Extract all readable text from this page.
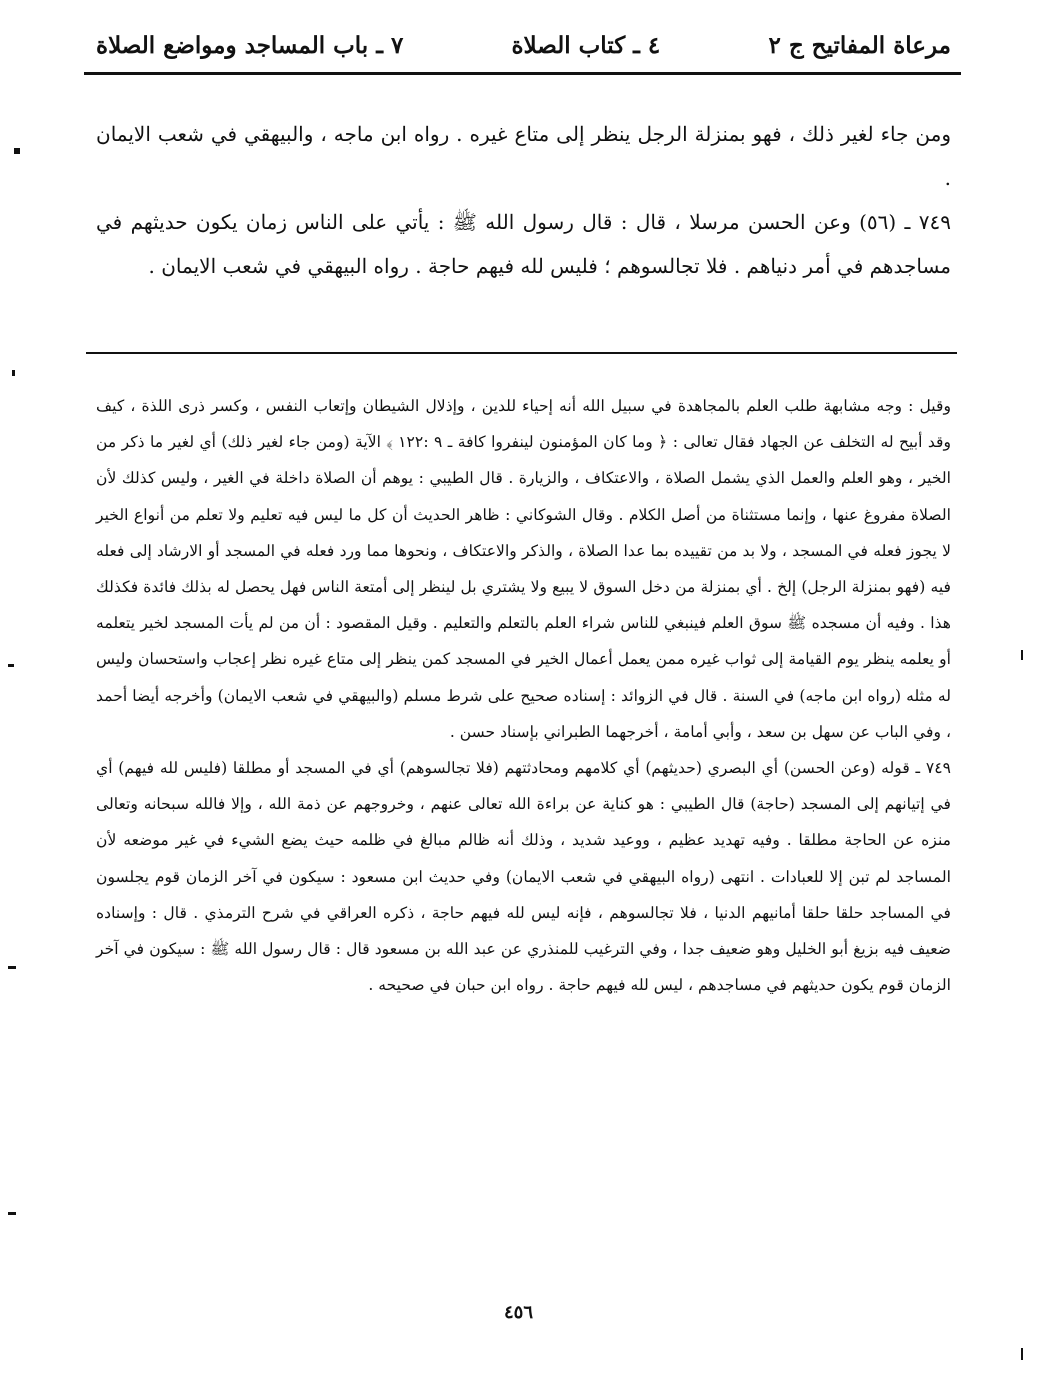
مرعاة المفاتيح ج ٢
٤ ـ كتاب الصلاة
٧ ـ باب المساجد ومواضع الصلاة

ومن جاء لغير ذلك ، فهو بمنزلة الرجل ينظر إلى متاع غيره . رواه ابن ماجه ، والبيهقي في شعب الايمان .

٧٤٩ ـ (٥٦) وعن الحسن مرسلا ، قال : قال رسول الله ﷺ : يأتي على الناس زمان يكون حديثهم في مساجدهم في أمر دنياهم . فلا تجالسوهم ؛ فليس لله فيهم حاجة . رواه البيهقي في شعب الايمان .

وقيل : وجه مشابهة طلب العلم بالمجاهدة في سبيل الله أنه إحياء للدين ، وإذلال الشيطان وإتعاب النفس ، وكسر ذرى اللذة ، كيف وقد أبيح له التخلف عن الجهاد فقال تعالى : ﴿ وما كان المؤمنون لينفروا كافة ـ ٩ :١٢٢ ﴾ الآية (ومن جاء لغير ذلك) أي لغير ما ذكر من الخير ، وهو العلم والعمل الذي يشمل الصلاة ، والاعتكاف ، والزيارة . قال الطيبي : يوهم أن الصلاة داخلة في الغير ، وليس كذلك لأن الصلاة مفروغ عنها ، وإنما مستثناة من أصل الكلام . وقال الشوكاني : ظاهر الحديث أن كل ما ليس فيه تعليم ولا تعلم من أنواع الخير لا يجوز فعله في المسجد ، ولا بد من تقييده بما عدا الصلاة ، والذكر والاعتكاف ، ونحوها مما ورد فعله في المسجد أو الارشاد إلى فعله فيه (فهو بمنزلة الرجل) إلخ . أي بمنزلة من دخل السوق لا يبيع ولا يشتري بل لينظر إلى أمتعة الناس فهل يحصل له بذلك فائدة فكذلك هذا . وفيه أن مسجده ﷺ سوق العلم فينبغي للناس شراء العلم بالتعلم والتعليم . وقيل المقصود : أن من لم يأت المسجد لخير يتعلمه أو يعلمه ينظر يوم القيامة إلى ثواب غيره ممن يعمل أعمال الخير في المسجد كمن ينظر إلى متاع غيره نظر إعجاب واستحسان وليس له مثله (رواه ابن ماجه) في السنة . قال في الزوائد : إسناده صحيح على شرط مسلم (والبيهقي في شعب الايمان) وأخرجه أيضا أحمد ، وفي الباب عن سهل بن سعد ، وأبي أمامة ، أخرجهما الطبراني بإسناد حسن .

٧٤٩ ـ قوله (وعن الحسن) أي البصري (حديثهم) أي كلامهم ومحادثتهم (فلا تجالسوهم) أي في المسجد أو مطلقا (فليس لله فيهم) أي في إتيانهم إلى المسجد (حاجة) قال الطيبي : هو كناية عن براءة الله تعالى عنهم ، وخروجهم عن ذمة الله ، وإلا فالله سبحانه وتعالى منزه عن الحاجة مطلقا . وفيه تهديد عظيم ، ووعيد شديد ، وذلك أنه ظالم مبالغ في ظلمه حيث يضع الشيء في غير موضعه لأن المساجد لم تبن إلا للعبادات . انتهى (رواه البيهقي في شعب الايمان) وفي حديث ابن مسعود : سيكون في آخر الزمان قوم يجلسون في المساجد حلقا حلقا أمانيهم الدنيا ، فلا تجالسوهم ، فإنه ليس لله فيهم حاجة ، ذكره العراقي في شرح الترمذي . قال : وإسناده ضعيف فيه بزيغ أبو الخليل وهو ضعيف جدا ، وفي الترغيب للمنذري عن عبد الله بن مسعود قال : قال رسول الله ﷺ : سيكون في آخر الزمان قوم يكون حديثهم في مساجدهم ، ليس لله فيهم حاجة . رواه ابن حبان في صحيحه .

٤٥٦
